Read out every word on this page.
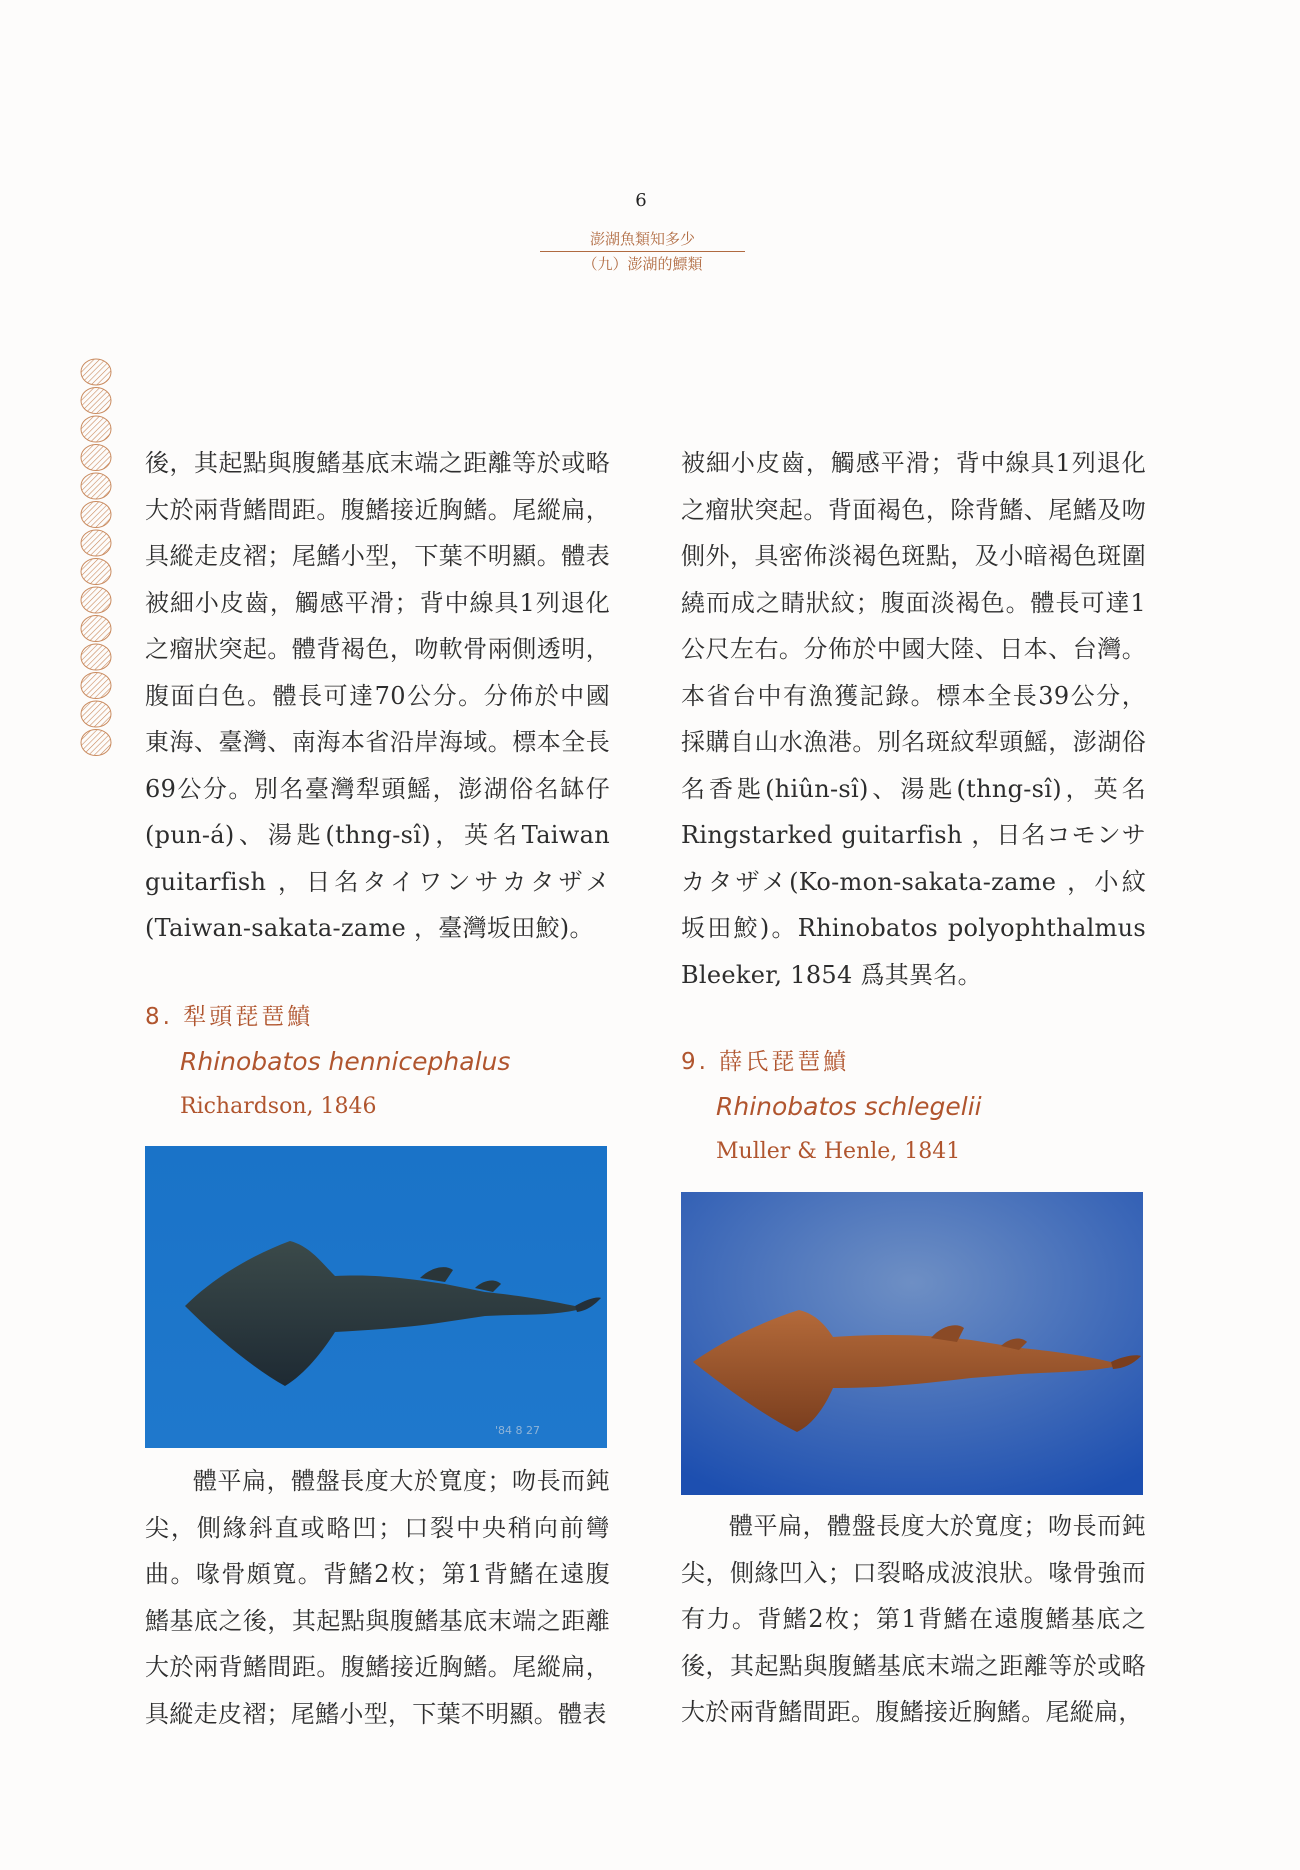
6
澎湖魚類知多少
（九）澎湖的鰾類

後，其起點與腹鰭基底末端之距離等於或略大於兩背鰭間距。腹鰭接近胸鰭。尾縱扁，具縱走皮褶；尾鰭小型，下葉不明顯。體表被細小皮齒，觸感平滑；背中線具1列退化之瘤狀突起。體背褐色，吻軟骨兩側透明，腹面白色。體長可達70公分。分佈於中國東海、臺灣、南海本省沿岸海域。標本全長69公分。別名臺灣犁頭鰩，澎湖俗名缽仔(pun-á)、湯匙(thng-sî)，英名Taiwan guitarfish ，日名タイワンサカタザメ(Taiwan-sakata-zame ，臺灣坂田鮫)。

被細小皮齒，觸感平滑；背中線具1列退化之瘤狀突起。背面褐色，除背鰭、尾鰭及吻側外，具密佈淡褐色斑點，及小暗褐色斑圍繞而成之睛狀紋；腹面淡褐色。體長可達1公尺左右。分佈於中國大陸、日本、台灣。本省台中有漁獲記錄。標本全長39公分，採購自山水漁港。別名斑紋犁頭鰩，澎湖俗名香匙(hiûn-sî)、湯匙(thng-sî)，英名Ringstarked guitarfish ，日名コモンサカタザメ(Ko-mon-sakata-zame ，小紋坂田鮫)。Rhinobatos polyophthalmus Bleeker, 1854 爲其異名。

8. 犁頭琵琶鱝
Rhinobatos hennicephalus
Richardson, 1846
'84 8 27

體平扁，體盤長度大於寬度；吻長而鈍尖，側緣斜直或略凹；口裂中央稍向前彎曲。喙骨頗寬。背鰭2枚；第1背鰭在遠腹鰭基底之後，其起點與腹鰭基底末端之距離大於兩背鰭間距。腹鰭接近胸鰭。尾縱扁，具縱走皮褶；尾鰭小型，下葉不明顯。體表

9. 薛氏琵琶鱝
Rhinobatos schlegelii
Muller & Henle, 1841

體平扁，體盤長度大於寬度；吻長而鈍尖，側緣凹入；口裂略成波浪狀。喙骨強而有力。背鰭2枚；第1背鰭在遠腹鰭基底之後，其起點與腹鰭基底末端之距離等於或略大於兩背鰭間距。腹鰭接近胸鰭。尾縱扁，
